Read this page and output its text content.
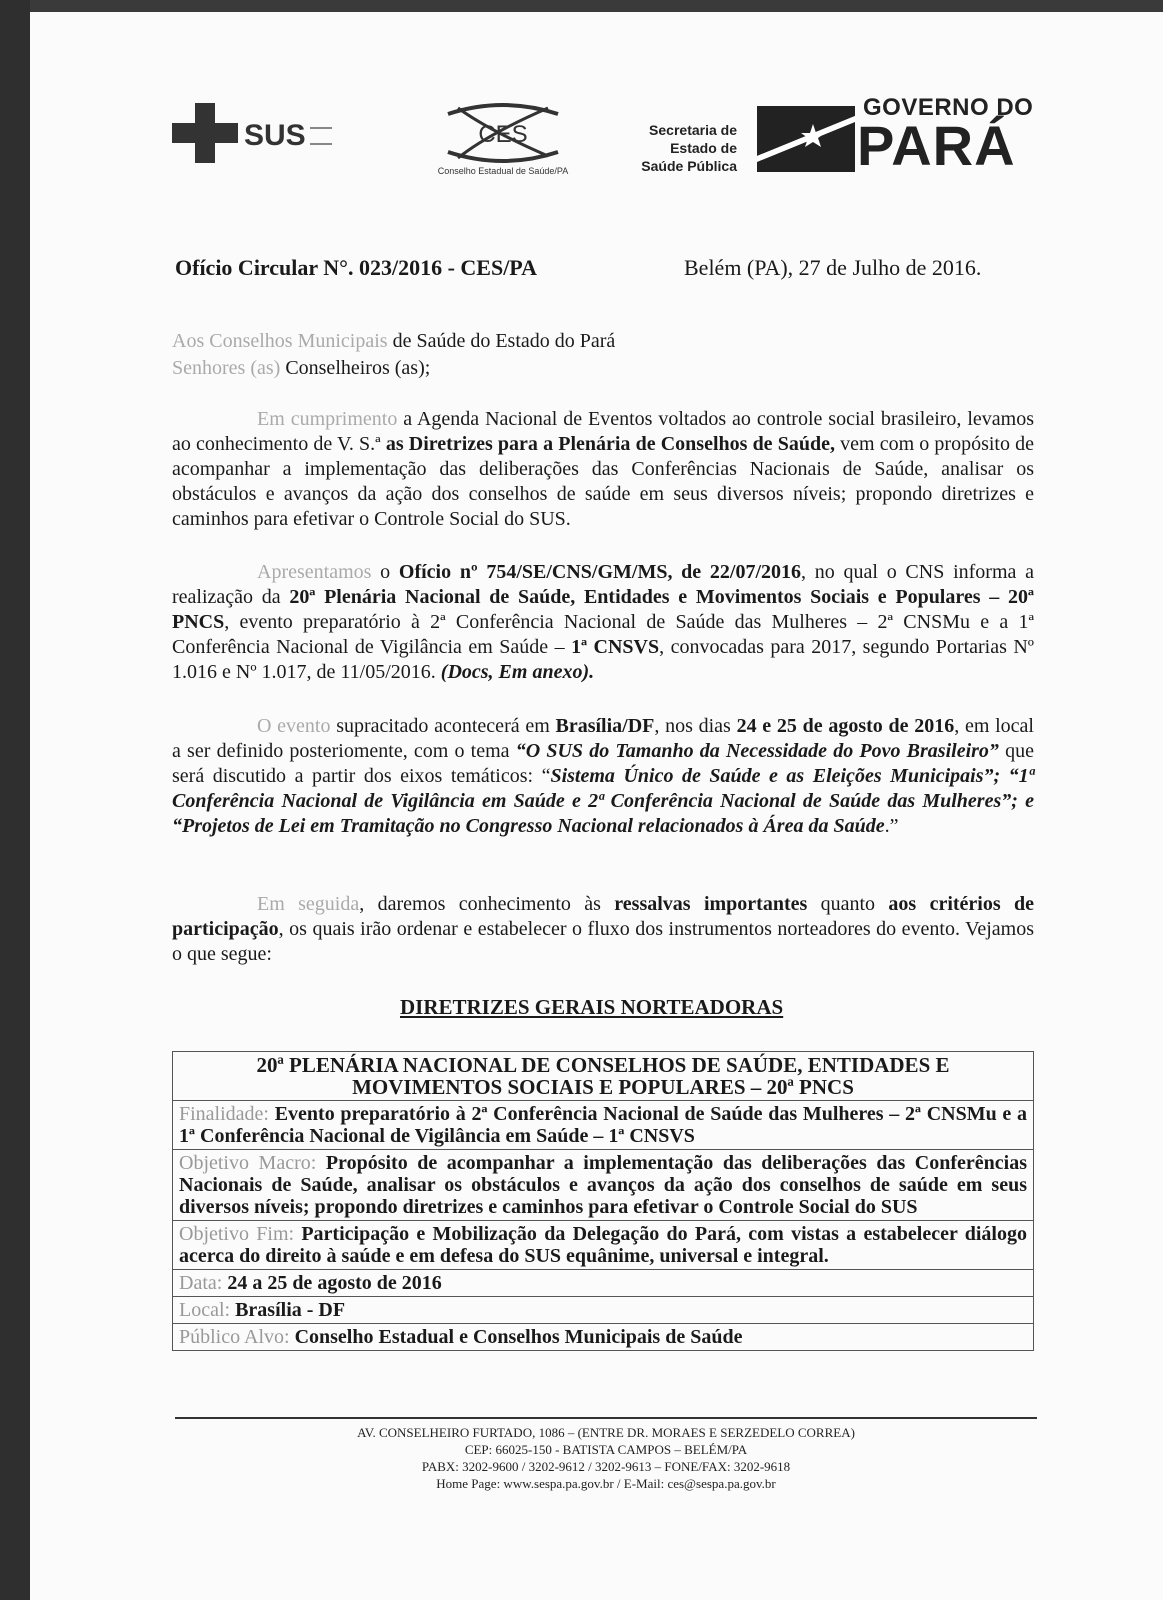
SUS	CES
Conselho Estadual de Saúde/PA
Secretaria de
Estado de
Saúde Pública
GOVERNO DO
PARÁ
Ofício Circular N°. 023/2016 - CES/PA	Belém (PA), 27 de Julho de 2016.
Aos Conselhos Municipais de Saúde do Estado do Pará
Senhores (as) Conselheiros (as);
Em cumprimento a Agenda Nacional de Eventos voltados ao controle social brasileiro, levamos ao conhecimento de V. S.ª as Diretrizes para a Plenária de Conselhos de Saúde, vem com o propósito de acompanhar a implementação das deliberações das Conferências Nacionais de Saúde, analisar os obstáculos e avanços da ação dos conselhos de saúde em seus diversos níveis; propondo diretrizes e caminhos para efetivar o Controle Social do SUS.
Apresentamos o Ofício nº 754/SE/CNS/GM/MS, de 22/07/2016, no qual o CNS informa a realização da 20ª Plenária Nacional de Saúde, Entidades e Movimentos Sociais e Populares – 20ª PNCS, evento preparatório à 2ª Conferência Nacional de Saúde das Mulheres – 2ª CNSMu e a 1ª Conferência Nacional de Vigilância em Saúde – 1ª CNSVS, convocadas para 2017, segundo Portarias Nº 1.016 e Nº 1.017, de 11/05/2016. (Docs, Em anexo).
O evento supracitado acontecerá em Brasília/DF, nos dias 24 e 25 de agosto de 2016, em local a ser definido posteriomente, com o tema “O SUS do Tamanho da Necessidade do Povo Brasileiro” que será discutido a partir dos eixos temáticos: “Sistema Único de Saúde e as Eleições Municipais”; “1ª Conferência Nacional de Vigilância em Saúde e 2ª Conferência Nacional de Saúde das Mulheres”; e “Projetos de Lei em Tramitação no Congresso Nacional relacionados à Área da Saúde.”
Em seguida, daremos conhecimento às ressalvas importantes quanto aos critérios de participação, os quais irão ordenar e estabelecer o fluxo dos instrumentos norteadores do evento. Vejamos o que segue:
DIRETRIZES GERAIS NORTEADORAS
20ª PLENÁRIA NACIONAL DE CONSELHOS DE SAÚDE, ENTIDADES E
MOVIMENTOS SOCIAIS E POPULARES – 20ª PNCS

Finalidade: Evento preparatório à 2ª Conferência Nacional de Saúde das Mulheres – 2ª CNSMu e a 1ª Conferência Nacional de Vigilância em Saúde – 1ª CNSVS
Objetivo Macro: Propósito de acompanhar a implementação das deliberações das Conferências Nacionais de Saúde, analisar os obstáculos e avanços da ação dos conselhos de saúde em seus diversos níveis; propondo diretrizes e caminhos para efetivar o Controle Social do SUS
Objetivo Fim: Participação e Mobilização da Delegação do Pará, com vistas a estabelecer diálogo acerca do direito à saúde e em defesa do SUS equânime, universal e integral.
Data: 24 a 25 de agosto de 2016
Local: Brasília - DF
Público Alvo: Conselho Estadual e Conselhos Municipais de Saúde
AV. CONSELHEIRO FURTADO, 1086 – (ENTRE DR. MORAES E SERZEDELO CORREA)
CEP: 66025-150 - BATISTA CAMPOS – BELÉM/PA
PABX: 3202-9600 / 3202-9612 / 3202-9613 – FONE/FAX: 3202-9618
Home Page: www.sespa.pa.gov.br / E-Mail: ces@sespa.pa.gov.br
